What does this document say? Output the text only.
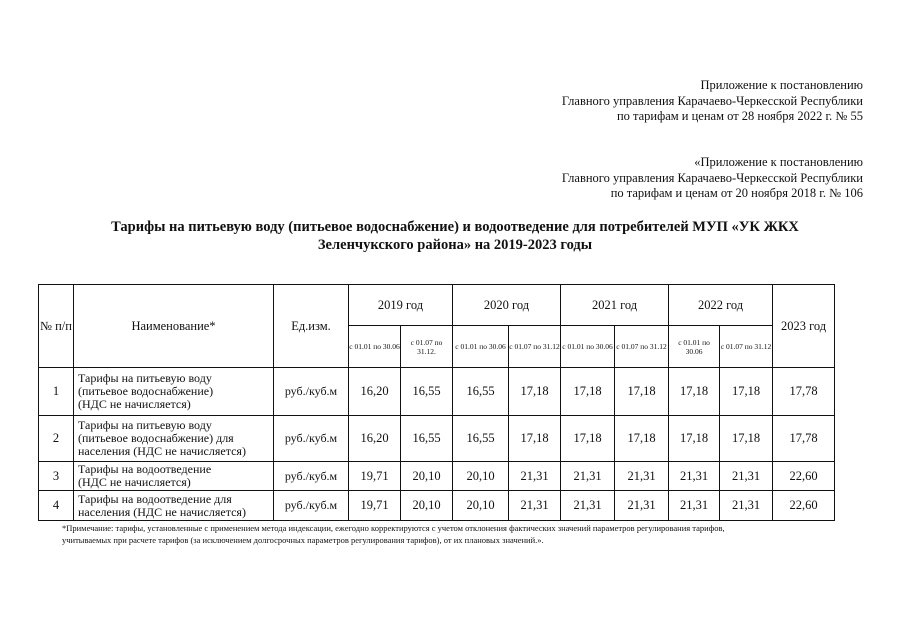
Приложение к постановлению
Главного управления Карачаево-Черкесской Республики
по тарифам и ценам от 28 ноября 2022 г. № 55
«Приложение к постановлению
Главного управления Карачаево-Черкесской Республики
по тарифам и ценам от 20 ноября 2018 г. № 106
Тарифы на питьевую воду (питьевое водоснабжение) и водоотведение для потребителей МУП «УК ЖКХ
Зеленчукского района» на 2019-2023 годы
№ п/п	Наименование*	Ед.изм.	2019 год		2020 год		2021 год		2022 год		2023 год
			с 01.01 по 30.06	с 01.07 по 31.12.	с 01.01 по 30.06	с 01.07 по 31.12	с 01.01 по 30.06	с 01.07 по 31.12	с 01.01 по 30.06	с 01.07 по 31.12	
1	Тарифы на питьевую воду
(питьевое водоснабжение)
(НДС не начисляется)	руб./куб.м	16,20	16,55	16,55	17,18	17,18	17,18	17,18	17,18	17,78
2	Тарифы на питьевую воду
(питьевое водоснабжение) для
населения (НДС не начисляется)	руб./куб.м	16,20	16,55	16,55	17,18	17,18	17,18	17,18	17,18	17,78
3	Тарифы на водоотведение
(НДС не начисляется)	руб./куб.м	19,71	20,10	20,10	21,31	21,31	21,31	21,31	21,31	22,60
4	Тарифы на водоотведение для
населения (НДС не начисляется)	руб./куб.м	19,71	20,10	20,10	21,31	21,31	21,31	21,31	21,31	22,60
*Примечание: тарифы, установленные с применением метода индексации, ежегодно корректируются с учетом отклонения фактических значений параметров регулирования тарифов,
учитываемых при расчете тарифов (за исключением долгосрочных параметров регулирования тарифов), от их плановых значений.».
